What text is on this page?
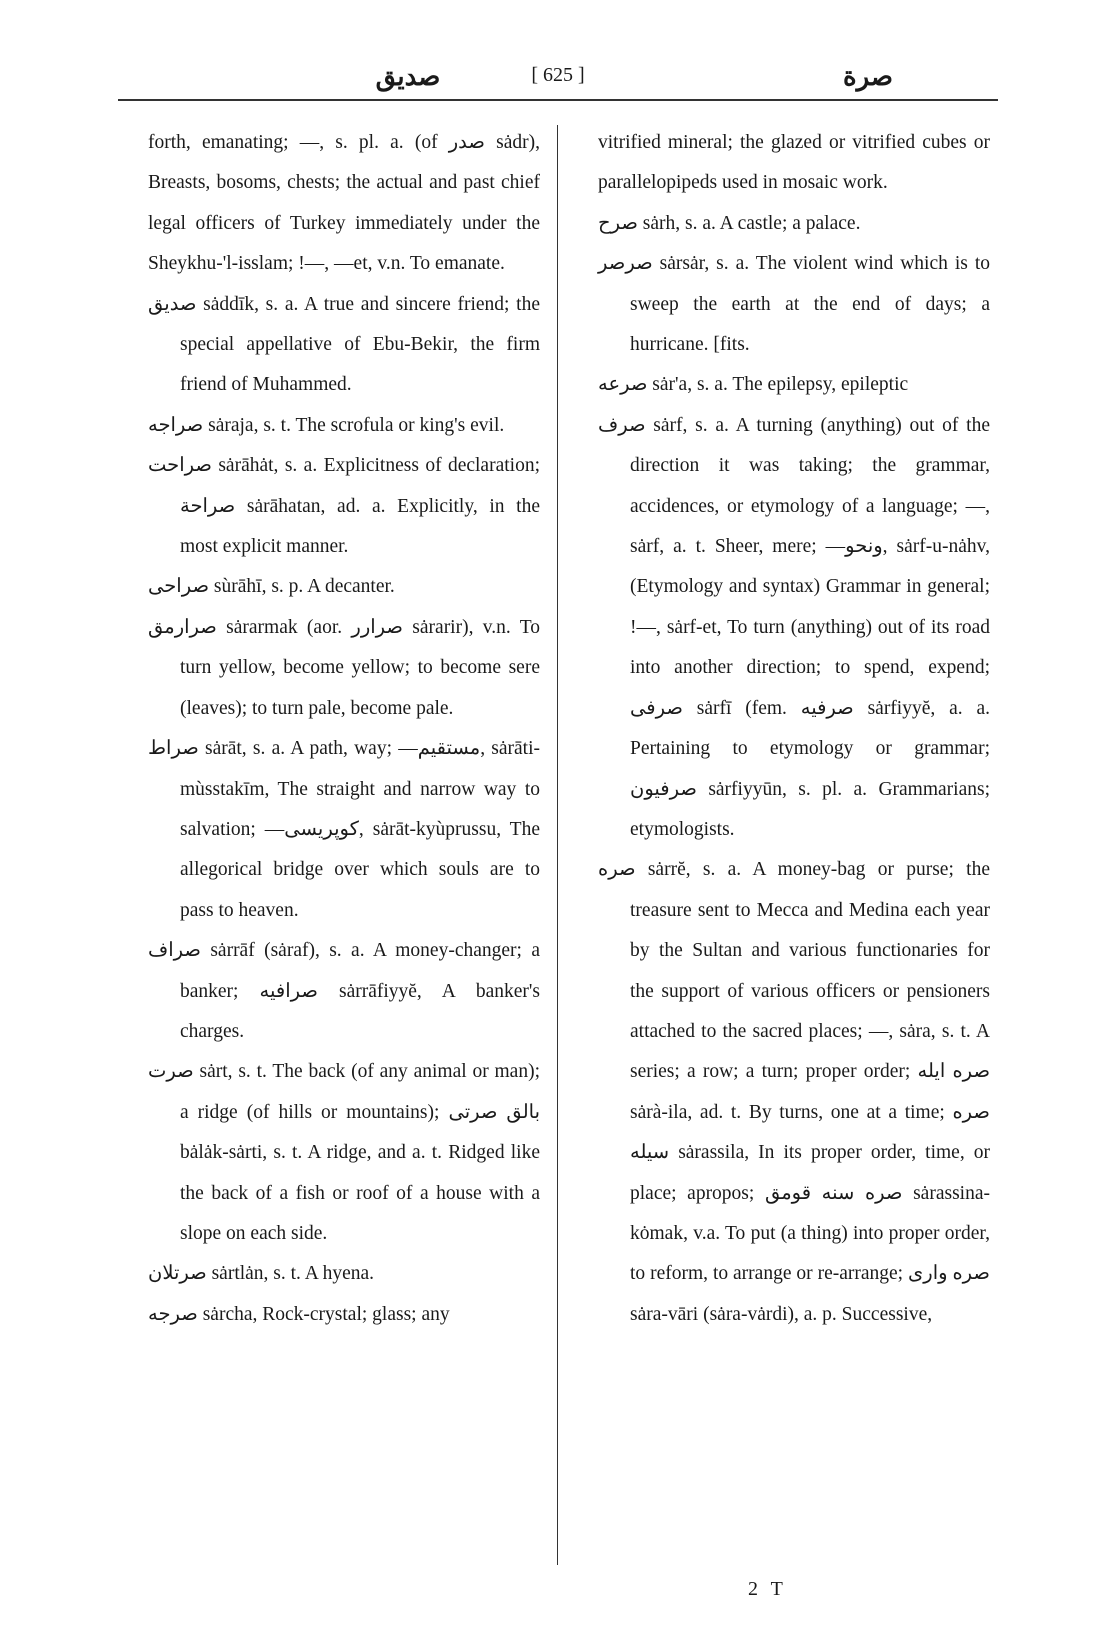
صديق	[ 625 ]	صرة

forth, emanating; —, s. pl. a. (of صدر sȧdr), Breasts, bosoms, chests; the actual and past chief legal officers of Turkey immediately under the Sheykhu-'l-isslam; !—, —et, v.n. To emanate.

صديق sȧddīk, s. a. A true and sincere friend; the special appellative of Ebu-Bekir, the firm friend of Muhammed.

صراجه sȧraja, s. t. The scrofula or king's evil.

صراحت sȧrāhȧt, s. a. Explicitness of declaration; صراحة sȧrāhatan, ad. a. Explicitly, in the most explicit manner.

صراحى sùrāhī, s. p. A decanter.

صرارمق sȧrarmak (aor. صرارر sȧrarir), v.n. To turn yellow, become yellow; to become sere (leaves); to turn pale, become pale.

صراط sȧrāt, s. a. A path, way; —مستقيم, sȧrāti-mùsstakīm, The straight and narrow way to salvation; —كوپريسى, sȧrāt-kyùprussu, The allegorical bridge over which souls are to pass to heaven.

صراف sȧrrāf (sȧraf), s. a. A money-changer; a banker; صرافيه sȧrrāfiyyĕ, A banker's charges.

صرت sȧrt, s. t. The back (of any animal or man); a ridge (of hills or mountains); بالق صرتى bȧlȧk-sȧrti, s. t. A ridge, and a. t. Ridged like the back of a fish or roof of a house with a slope on each side.

صرتلان sȧrtlȧn, s. t. A hyena.

صرجه sȧrcha, Rock-crystal; glass; any

vitrified mineral; the glazed or vitrified cubes or parallelopipeds used in mosaic work.

صرح sȧrh, s. a. A castle; a palace.

صرصر sȧrsȧr, s. a. The violent wind which is to sweep the earth at the end of days; a hurricane. [fits.

صرعه sȧr'a, s. a. The epilepsy, epileptic

صرف sȧrf, s. a. A turning (anything) out of the direction it was taking; the grammar, accidences, or etymology of a language; —, sȧrf, a. t. Sheer, mere; —ونحو, sȧrf-u-nȧhv, (Etymology and syntax) Grammar in general; !—, sȧrf-et, To turn (anything) out of its road into another direction; to spend, expend; صرفى sȧrfī (fem. صرفيه sȧrfiyyĕ, a. a. Pertaining to etymology or grammar; صرفيون sȧrfiyyūn, s. pl. a. Grammarians; etymologists.

صره sȧrrĕ, s. a. A money-bag or purse; the treasure sent to Mecca and Medina each year by the Sultan and various functionaries for the support of various officers or pensioners attached to the sacred places; —, sȧra, s. t. A series; a row; a turn; proper order; صره ايله sȧrà-ila, ad. t. By turns, one at a time; صره سيله sȧrassila, In its proper order, time, or place; apropos; صره سنه قومق sȧrassina-kȯmak, v.a. To put (a thing) into proper order, to reform, to arrange or re-arrange; صره وارى sȧra-vāri (sȧra-vȧrdi), a. p. Successive,

2 T
